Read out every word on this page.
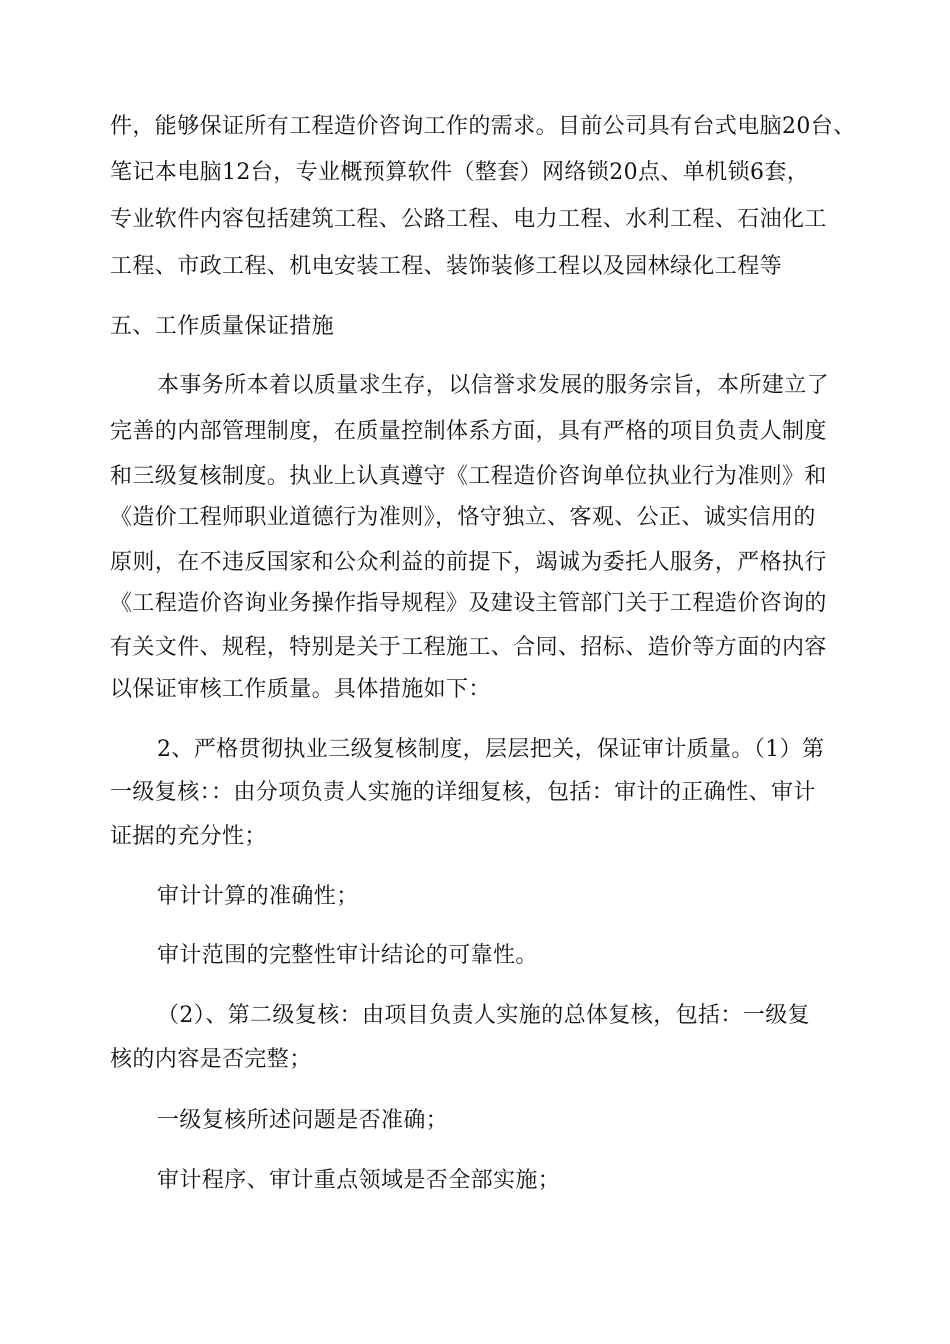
件，能够保证所有工程造价咨询工作的需求。目前公司具有台式电脑20台、
笔记本电脑12台，专业概预算软件（整套）网络锁20点、单机锁6套，
专业软件内容包括建筑工程、公路工程、电力工程、水利工程、石油化工
工程、市政工程、机电安装工程、装饰装修工程以及园林绿化工程等
五、工作质量保证措施
本事务所本着以质量求生存，以信誉求发展的服务宗旨，本所建立了
完善的内部管理制度，在质量控制体系方面，具有严格的项目负责人制度
和三级复核制度。执业上认真遵守《工程造价咨询单位执业行为准则》和
《造价工程师职业道德行为准则》，恪守独立、客观、公正、诚实信用的
原则，在不违反国家和公众利益的前提下，竭诚为委托人服务，严格执行
《工程造价咨询业务操作指导规程》及建设主管部门关于工程造价咨询的
有关文件、规程，特别是关于工程施工、合同、招标、造价等方面的内容
以保证审核工作质量。具体措施如下：
2、严格贯彻执业三级复核制度，层层把关，保证审计质量。（1）第
一级复核：：由分项负责人实施的详细复核，包括：审计的正确性、审计
证据的充分性；
审计计算的准确性；
审计范围的完整性审计结论的可靠性。
（2）、第二级复核：由项目负责人实施的总体复核，包括：一级复
核的内容是否完整；
一级复核所述问题是否准确；
审计程序、审计重点领域是否全部实施；
